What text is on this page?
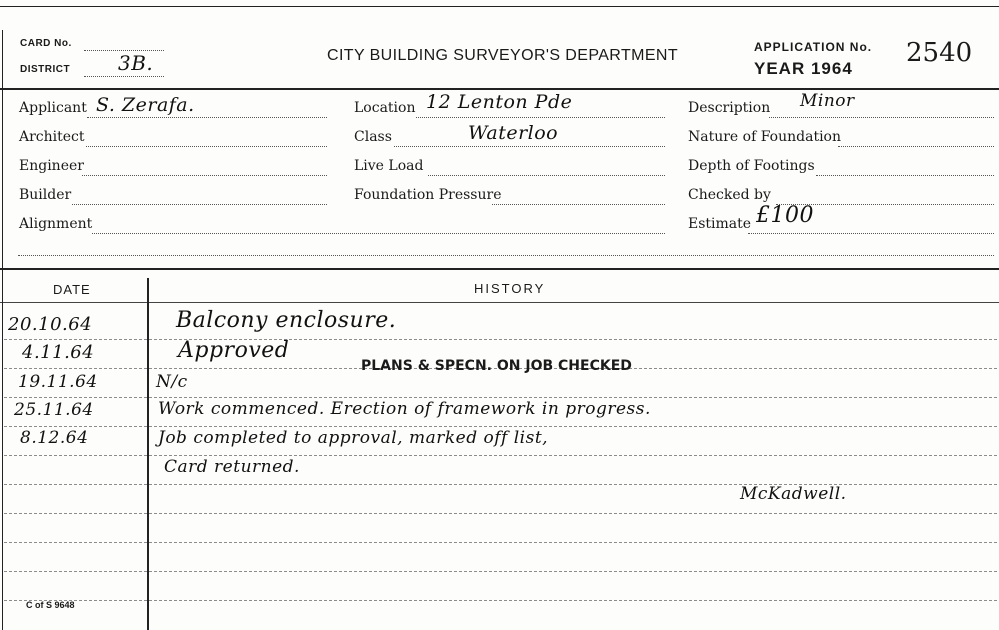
CARD No.
DISTRICT 3B.	CITY BUILDING SURVEYOR'S DEPARTMENT	APPLICATION No. 2540
YEAR 1964
Applicant S. Zerafa.
Architect
Engineer
Builder
Alignment
Location 12 Lenton Pde
Class	Waterloo
Live Load
Foundation Pressure
Description Minor
Nature of Foundation
Depth of Footings
Checked by
Estimate £100
DATE	HISTORY
20.10.64	Balcony enclosure.
4.11.64	Approved
PLANS & SPECN. ON JOB CHECKED
19.11.64	N/c
25.11.64	Work commenced. Erection of framework in progress.
8.12.64	Job completed to approval, marked off list,
Card returned.
McKadwell.
C of S 9648
